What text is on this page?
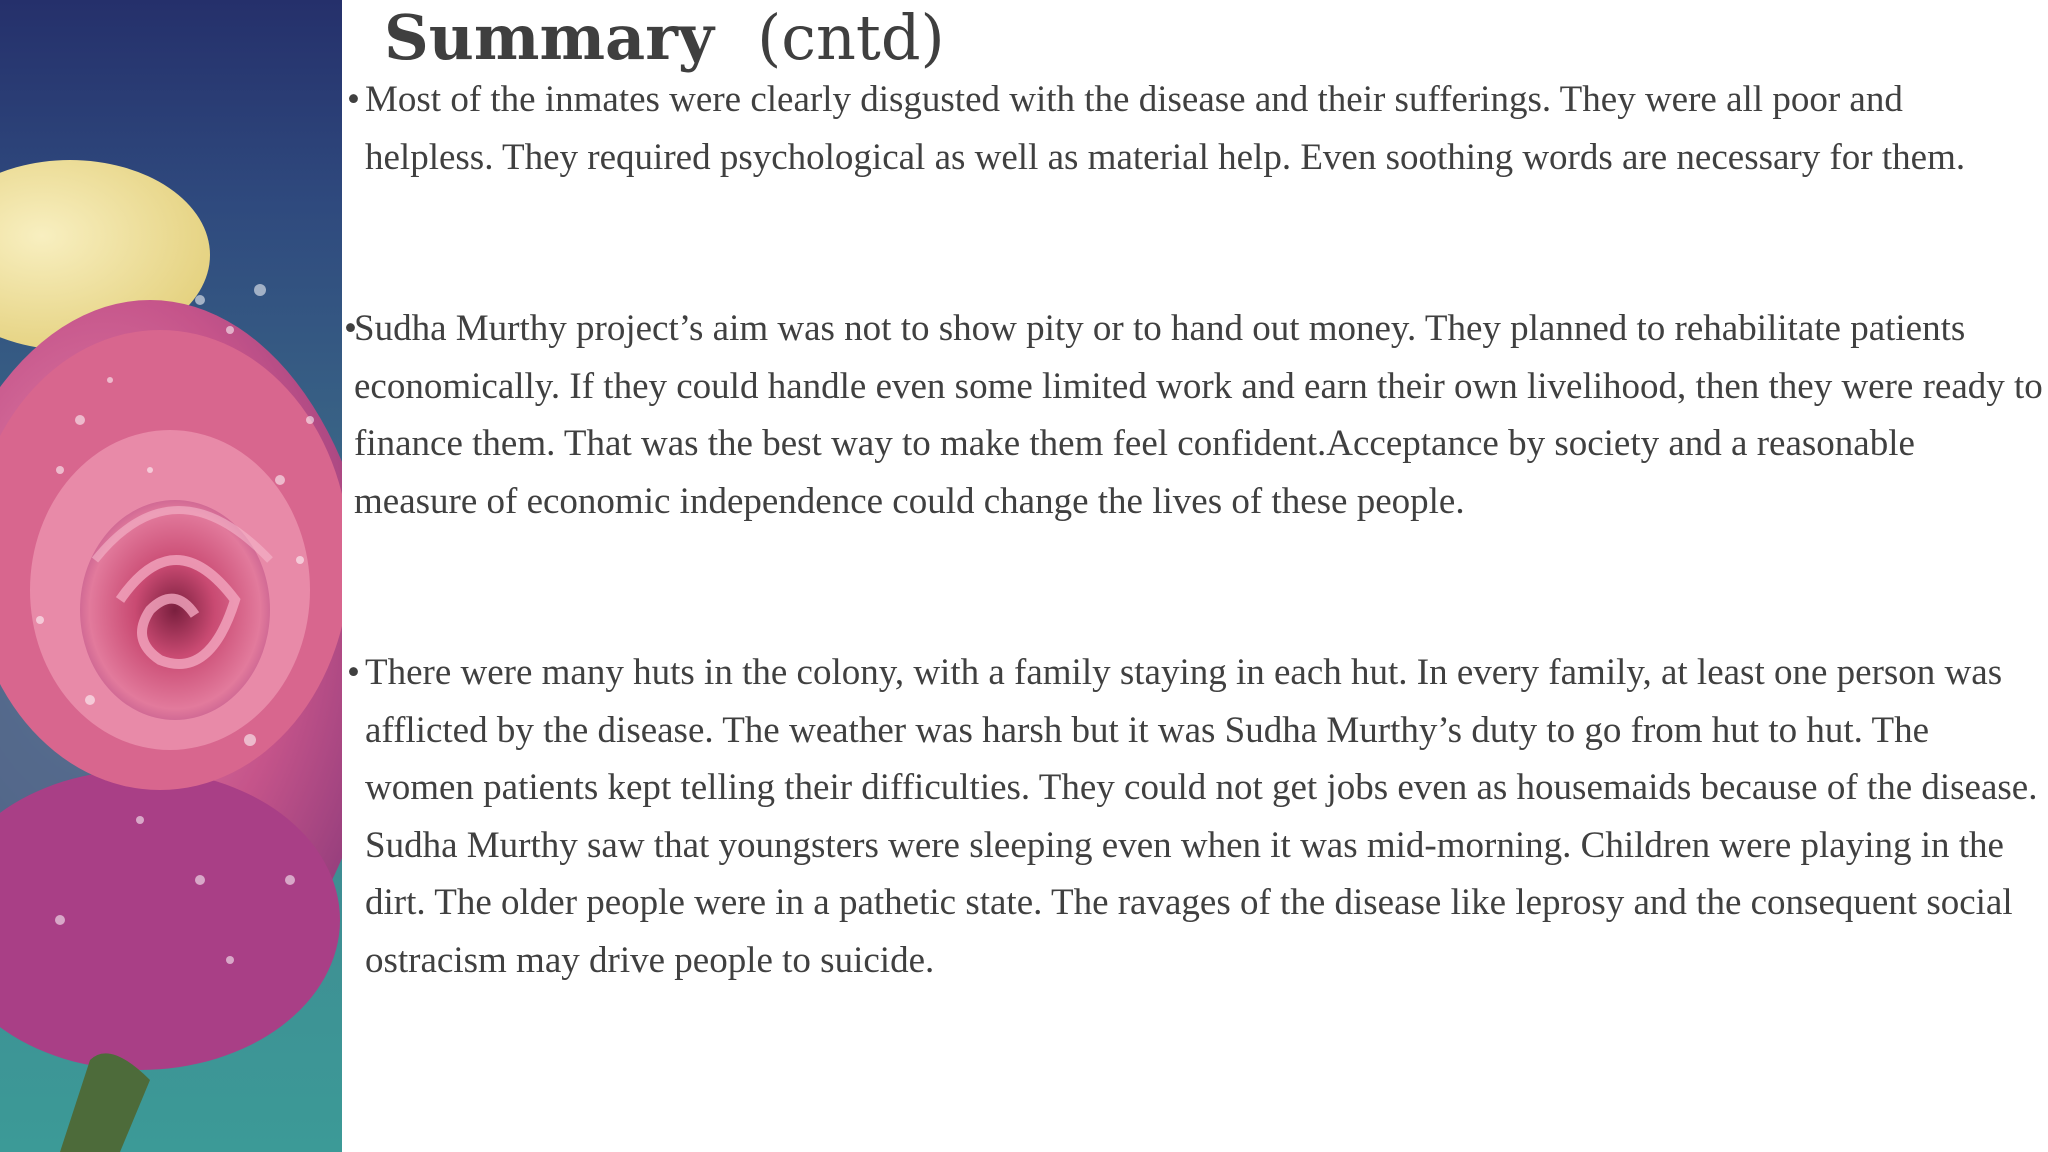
Summary (cntd)

• Most of the inmates were clearly disgusted with the disease and their sufferings. They were all poor and helpless. They required psychological as well as material help. Even soothing words are necessary for them.

•
Sudha Murthy project’s aim was not to show pity or to hand out money. They planned to rehabilitate patients economically. If they could handle even some limited work and earn their own livelihood, then they were ready to finance them. That was the best way to make them feel confident.Acceptance by society and a reasonable measure of economic independence could change the lives of these people.

• There were many huts in the colony, with a family staying in each hut. In every family, at least one person was afflicted by the disease. The weather was harsh but it was Sudha Murthy’s duty to go from hut to hut. The women patients kept telling their difficulties. They could not get jobs even as housemaids because of the disease. Sudha Murthy saw that youngsters were sleeping even when it was mid-morning. Children were playing in the dirt. The older people were in a pathetic state. The ravages of the disease like leprosy and the consequent social ostracism may drive people to suicide.
